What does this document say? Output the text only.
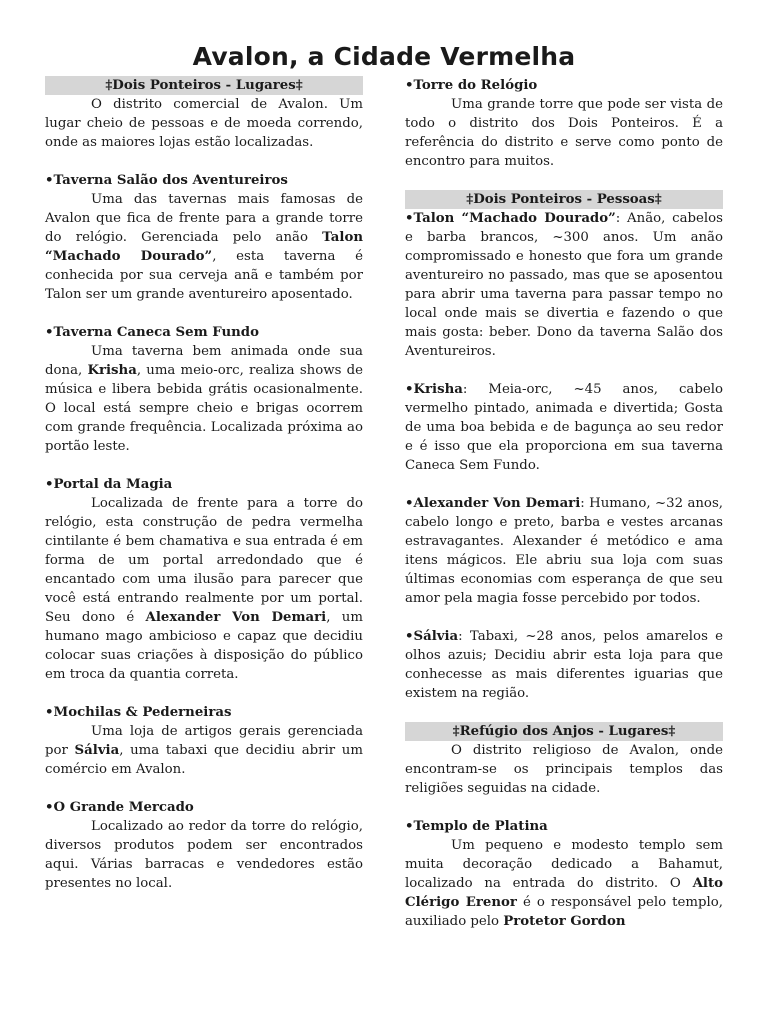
Avalon, a Cidade Vermelha
‡Dois Ponteiros - Lugares‡

O distrito comercial de Avalon. Um lugar cheio de pessoas e de moeda correndo, onde as maiores lojas estão localizadas.

•Taverna Salão dos Aventureiros

Uma das tavernas mais famosas de Avalon que fica de frente para a grande torre do relógio. Gerenciada pelo anão Talon “Machado Dourado”, esta taverna é conhecida por sua cerveja anã e também por Talon ser um grande aventureiro aposentado.

•Taverna Caneca Sem Fundo

Uma taverna bem animada onde sua dona, Krisha, uma meio-orc, realiza shows de música e libera bebida grátis ocasionalmente. O local está sempre cheio e brigas ocorrem com grande frequência. Localizada próxima ao portão leste.

•Portal da Magia

Localizada de frente para a torre do relógio, esta construção de pedra vermelha cintilante é bem chamativa e sua entrada é em forma de um portal arredondado que é encantado com uma ilusão para parecer que você está entrando realmente por um portal. Seu dono é Alexander Von Demari, um humano mago ambicioso e capaz que decidiu colocar suas criações à disposição do público em troca da quantia correta.

•Mochilas & Pederneiras

Uma loja de artigos gerais gerenciada por Sálvia, uma tabaxi que decidiu abrir um comércio em Avalon.

•O Grande Mercado

Localizado ao redor da torre do relógio, diversos produtos podem ser encontrados aqui. Várias barracas e vendedores estão presentes no local.

•Torre do Relógio

Uma grande torre que pode ser vista de todo o distrito dos Dois Ponteiros. É a referência do distrito e serve como ponto de encontro para muitos.

‡Dois Ponteiros - Pessoas‡

•Talon “Machado Dourado”: Anão, cabelos e barba brancos, ~300 anos. Um anão compromissado e honesto que fora um grande aventureiro no passado, mas que se aposentou para abrir uma taverna para passar tempo no local onde mais se divertia e fazendo o que mais gosta: beber. Dono da taverna Salão dos Aventureiros.

•Krisha: Meia-orc, ~45 anos, cabelo vermelho pintado, animada e divertida; Gosta de uma boa bebida e de bagunça ao seu redor e é isso que ela proporciona em sua taverna Caneca Sem Fundo.

•Alexander Von Demari: Humano, ~32 anos, cabelo longo e preto, barba e vestes arcanas estravagantes. Alexander é metódico e ama itens mágicos. Ele abriu sua loja com suas últimas economias com esperança de que seu amor pela magia fosse percebido por todos.

•Sálvia: Tabaxi, ~28 anos, pelos amarelos e olhos azuis; Decidiu abrir esta loja para que conhecesse as mais diferentes iguarias que existem na região.

‡Refúgio dos Anjos - Lugares‡

O distrito religioso de Avalon, onde encontram-se os principais templos das religiões seguidas na cidade.

•Templo de Platina

Um pequeno e modesto templo sem muita decoração dedicado a Bahamut, localizado na entrada do distrito. O Alto Clérigo Erenor é o responsável pelo templo, auxiliado pelo Protetor Gordon
